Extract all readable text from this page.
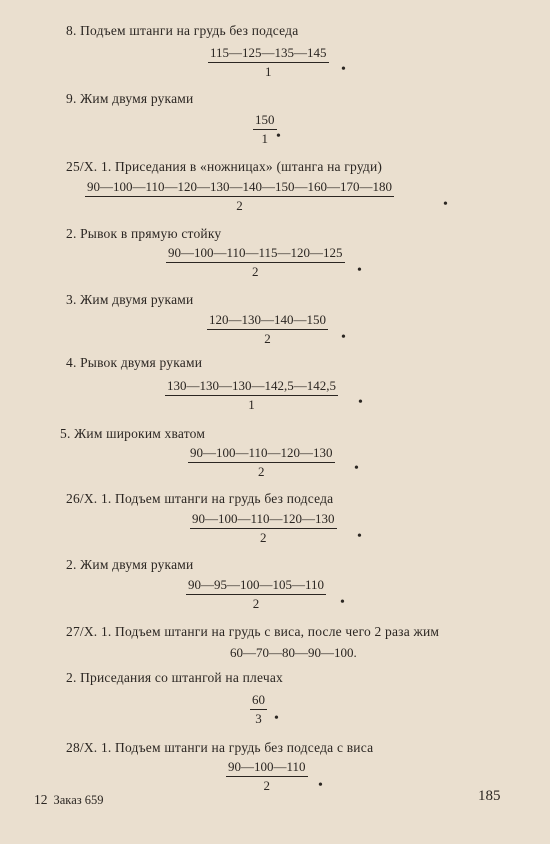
8. Подъем штанги на грудь без подседа
$\frac{115—125—135—145}{1}$ •
9. Жим двумя руками
$\frac{150}{1}$ •
25/X. 1. Приседания в «ножницах» (штанга на груди)
$\frac{90—100—110—120—130—140—150—160—170—180}{2}$	•
2. Рывок в прямую стойку
$\frac{90—100—110—115—120—125}{2}$ •
3. Жим двумя руками
$\frac{120—130—140—150}{2}$ •
4. Рывок двумя руками
$\frac{130—130—130—142,5—142,5}{1}$ •
5. Жим широким хватом
$\frac{90—100—110—120—130}{2}$ •
26/X. 1. Подъем штанги на грудь без подседа
$\frac{90—100—110—120—130}{2}$ •
2. Жим двумя руками
$\frac{90—95—100—105—110}{2}$ •
27/X. 1. Подъем штанги на грудь с виса, после чего 2 раза жим
60—70—80—90—100.
2. Приседания со штангой на плечах
$\frac{60}{3}$ •
28/X. 1. Подъем штанги на грудь без подседа с виса
$\frac{90—100—110}{2}$ •
12 Заказ 659	185
